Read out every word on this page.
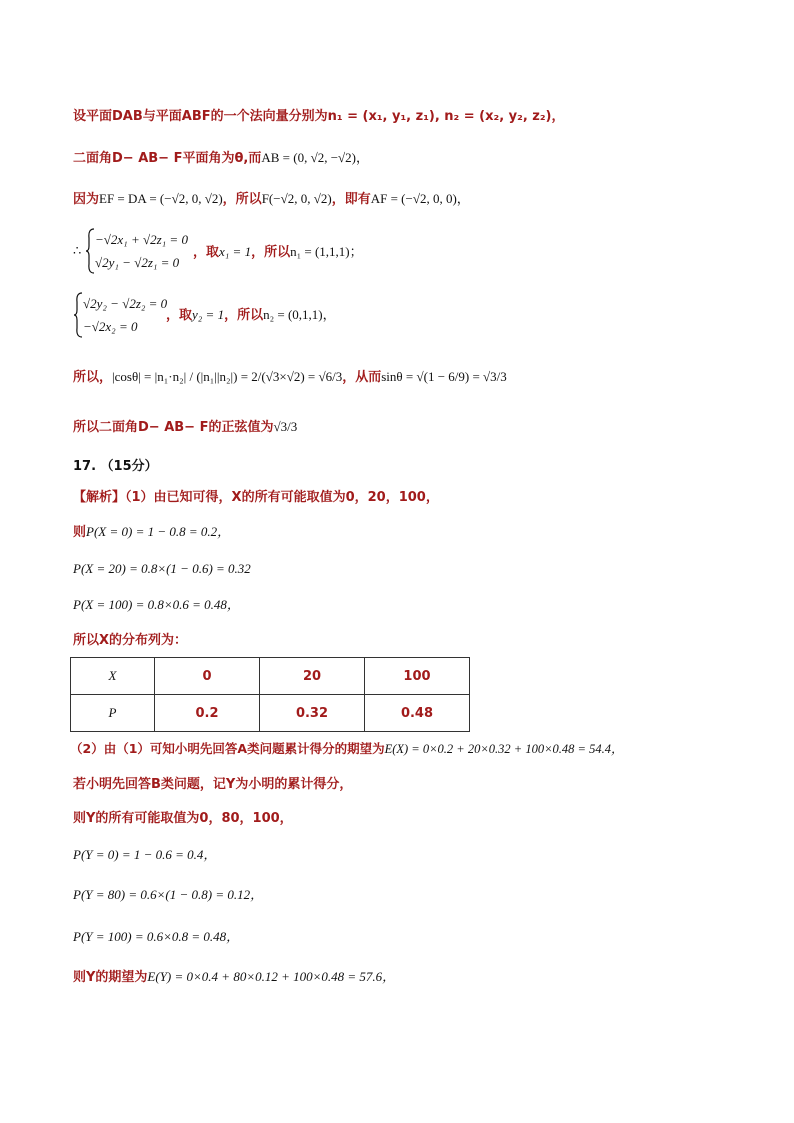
设平面DAB与平面ABF的一个法向量分别为n₁ = (x₁, y₁, z₁), n₂ = (x₂, y₂, z₂)，
二面角D− AB− F平面角为θ,而AB = (0, √2, −√2)，
因为EF = DA = (−√2, 0, √2)，所以F(−√2, 0, √2)，即有AF = (−√2, 0, 0)，
∴
−√2x₁ + √2z₁ = 0
√2y₁ − √2z₁ = 0
，取x₁ = 1，所以n₁ = (1,1,1)；
√2y₂ − √2z₂ = 0
−√2x₂ = 0
，取y₂ = 1，所以n₂ = (0,1,1)，
所以，|cosθ| = |n₁·n₂| / (|n₁||n₂|) = 2/(√3×√2) = √6/3，从而sinθ = √(1 − 6/9) = √3/3
所以二面角D− AB− F的正弦值为√3/3
17. （15分）
【解析】（1）由已知可得，X的所有可能取值为0，20，100，
则P(X = 0) = 1 − 0.8 = 0.2，
P(X = 20) = 0.8×(1 − 0.6) = 0.32
P(X = 100) = 0.8×0.6 = 0.48，
所以X的分布列为：
X	0	20	100
P	0.2	0.32	0.48
（2）由（1）可知小明先回答A类问题累计得分的期望为E(X) = 0×0.2 + 20×0.32 + 100×0.48 = 54.4，
若小明先回答B类问题，记Y为小明的累计得分，
则Y的所有可能取值为0，80，100，
P(Y = 0) = 1 − 0.6 = 0.4，
P(Y = 80) = 0.6×(1 − 0.8) = 0.12，
P(Y = 100) = 0.6×0.8 = 0.48，
则Y的期望为E(Y) = 0×0.4 + 80×0.12 + 100×0.48 = 57.6，
